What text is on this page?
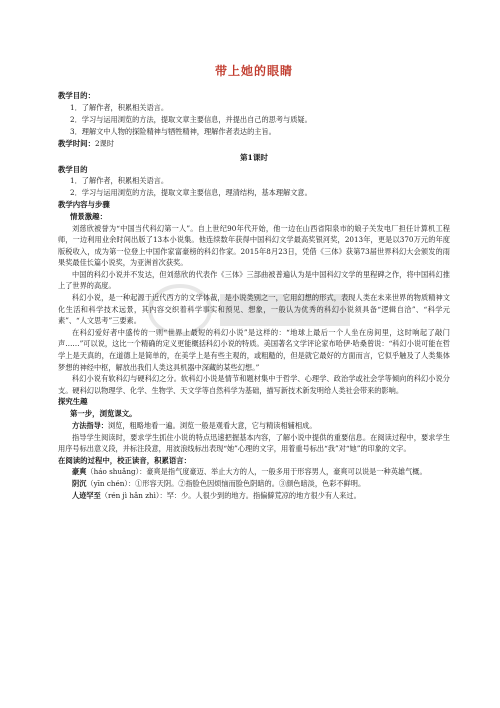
带上她的眼睛

教学目的：

1．了解作者，积累相关语言。

2．学习与运用浏览的方法，提取文章主要信息，并提出自己的思考与质疑。

3．理解文中人物的探险精神与牺牲精神，理解作者表达的主旨。

教学时间：2课时

第1课时

教学目的

1．了解作者，积累相关语言。

2．学习与运用浏览的方法，提取文章主要信息，理清结构，基本理解文意。

教学内容与步骤

情景激趣：

刘慈欣被誉为“中国当代科幻第一人”。自上世纪90年代开始，他一边在山西省阳泉市的娘子关发电厂担任计算机工程师，一边利用业余时间出版了13本小说集。他连续数年获得中国科幻文学最高奖银河奖，2013年，更是以370万元的年度版税收入，成为第一位登上中国作家富豪榜的科幻作家。2015年8月23日，凭借《三体》获第73届世界科幻大会颁发的雨果奖最佳长篇小说奖，为亚洲首次获奖。

中国的科幻小说并不发达，但刘慈欣的代表作《三体》三部曲被普遍认为是中国科幻文学的里程碑之作，将中国科幻推上了世界的高度。

科幻小说，是一种起源于近代西方的文学体裁，是小说类别之一，它用幻想的形式，表现人类在未来世界的物质精神文化生活和科学技术远景，其内容交织着科学事实和预见、想象，一般认为优秀的科幻小说须具备“逻辑自洽”、“科学元素”、“人文思考”三要素。

在科幻爱好者中盛传的一则“世界上最短的科幻小说”是这样的：“地球上最后一个人坐在房间里，这时响起了敲门声……”可以说，这比一个精确的定义更能概括科幻小说的特质。美国著名文学评论家布哈伊·哈桑曾说：“科幻小说可能在哲学上是天真的，在道德上是简单的，在美学上是有些主观的，或粗糙的，但是就它最好的方面而言，它似乎触及了人类集体梦想的神经中枢，解放出我们人类这具机器中深藏的某些幻想。”

科幻小说有软科幻与硬科幻之分。软科幻小说是情节和题材集中于哲学、心理学、政治学或社会学等倾向的科幻小说分支。硬科幻以物理学、化学、生物学、天文学等自然科学为基础，描写新技术新发明给人类社会带来的影响。

探究生趣

第一步，浏览课文。

方法指导：浏览，粗略地看一遍。浏览一般是观看大意，它与精读相辅相成。

指导学生阅读时，要求学生抓住小说的特点迅速把握基本内容，了解小说中提供的重要信息。在阅读过程中，要求学生用序号标出意义段，并标注段意，用波浪线标出表现“她”心理的文字，用着重号标出“我”对“她”的印象的文字。

在阅读的过程中，校正读音，积累语言：

豪爽（háo shuǎng）：豪爽是指气度豪迈、举止大方的人，一般多用于形容男人，豪爽可以说是一种英雄气概。

阴沉（yīn chén）：①形容天阴。②指脸色因烦恼而脸色阴暗的。③颜色暗淡，色彩不鲜明。

人迹罕至（rén jì hǎn zhì）：罕：少。人很少到的地方。指偏僻荒凉的地方很少有人来过。
